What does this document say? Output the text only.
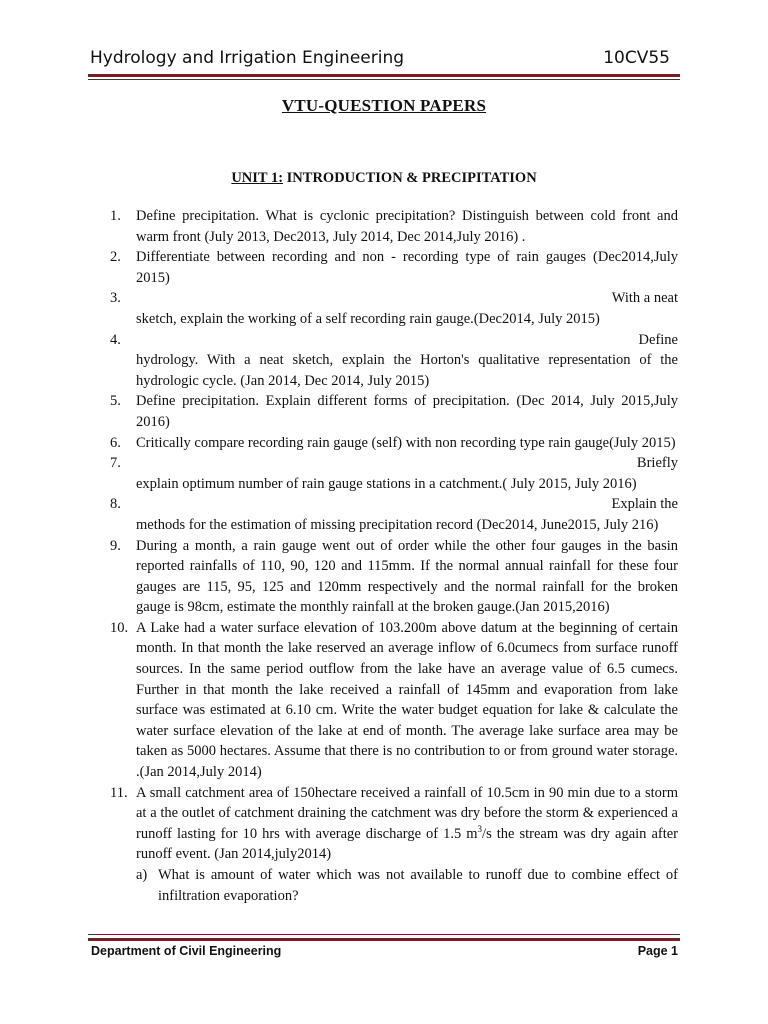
Hydrology and Irrigation Engineering	10CV55
VTU-QUESTION PAPERS
UNIT 1: INTRODUCTION & PRECIPITATION
1. Define precipitation. What is cyclonic precipitation? Distinguish between cold front and warm front (July 2013, Dec2013, July 2014, Dec 2014,July 2016) .
2. Differentiate between recording and non - recording type of rain gauges (Dec2014,July 2015)
3.	With a neat
sketch, explain the working of a self recording rain gauge.(Dec2014, July 2015)
4.	Define
hydrology. With a neat sketch, explain the Horton's qualitative representation of the hydrologic cycle. (Jan 2014, Dec 2014, July 2015)
5. Define precipitation. Explain different forms of precipitation. (Dec 2014, July 2015,July 2016)
6. Critically compare recording rain gauge (self) with non recording type rain gauge(July 2015)
7.	Briefly
explain optimum number of rain gauge stations in a catchment.( July 2015, July 2016)
8.	Explain the
methods for the estimation of missing precipitation record (Dec2014, June2015, July 216)
9. During a month, a rain gauge went out of order while the other four gauges in the basin reported rainfalls of 110, 90, 120 and 115mm. If the normal annual rainfall for these four gauges are 115, 95, 125 and 120mm respectively and the normal rainfall for the broken gauge is 98cm, estimate the monthly rainfall at the broken gauge.(Jan 2015,2016)
10. A Lake had a water surface elevation of 103.200m above datum at the beginning of certain month. In that month the lake reserved an average inflow of 6.0cumecs from surface runoff sources. In the same period outflow from the lake have an average value of 6.5 cumecs. Further in that month the lake received a rainfall of 145mm and evaporation from lake surface was estimated at 6.10 cm. Write the water budget equation for lake & calculate the water surface elevation of the lake at end of month. The average lake surface area may be taken as 5000 hectares. Assume that there is no contribution to or from ground water storage. .(Jan 2014,July 2014)
11. A small catchment area of 150hectare received a rainfall of 10.5cm in 90 min due to a storm at a the outlet of catchment draining the catchment was dry before the storm & experienced a runoff lasting for 10 hrs with average discharge of 1.5 $m^3/s$ the stream was dry again after runoff event. (Jan 2014,july2014)
a) What is amount of water which was not available to runoff due to combine effect of infiltration evaporation?
Department of Civil Engineering	Page 1
